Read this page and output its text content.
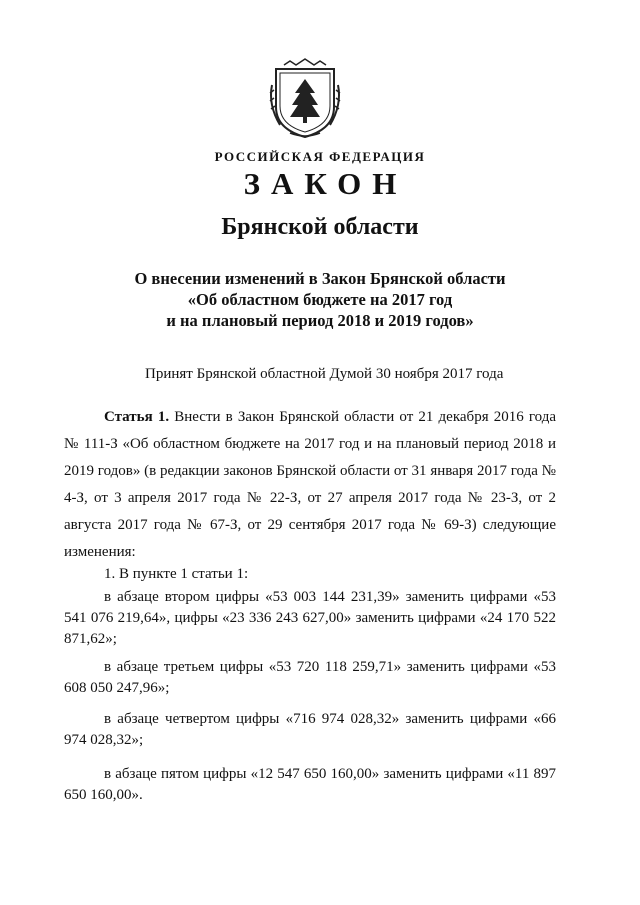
РОССИЙСКАЯ ФЕДЕРАЦИЯ
ЗАКОН
Брянской области
О внесении изменений в Закон Брянской области
«Об областном бюджете на 2017 год
и на плановый период 2018 и 2019 годов»
Принят Брянской областной Думой 30 ноября 2017 года
Статья 1. Внести в Закон Брянской области от 21 декабря 2016 года № 111-З «Об областном бюджете на 2017 год и на плановый период 2018 и 2019 годов» (в редакции законов Брянской области от 31 января 2017 года № 4-З, от 3 апреля 2017 года № 22-З, от 27 апреля 2017 года № 23-З, от 2 августа 2017 года № 67-З, от 29 сентября 2017 года № 69-З) следующие изменения:
1. В пункте 1 статьи 1:
в абзаце втором цифры «53 003 144 231,39» заменить цифрами «53 541 076 219,64», цифры «23 336 243 627,00» заменить цифрами «24 170 522 871,62»;
в абзаце третьем цифры «53 720 118 259,71» заменить цифрами «53 608 050 247,96»;
в абзаце четвертом цифры «716 974 028,32» заменить цифрами «66 974 028,32»;
в абзаце пятом цифры «12 547 650 160,00» заменить цифрами «11 897 650 160,00».
